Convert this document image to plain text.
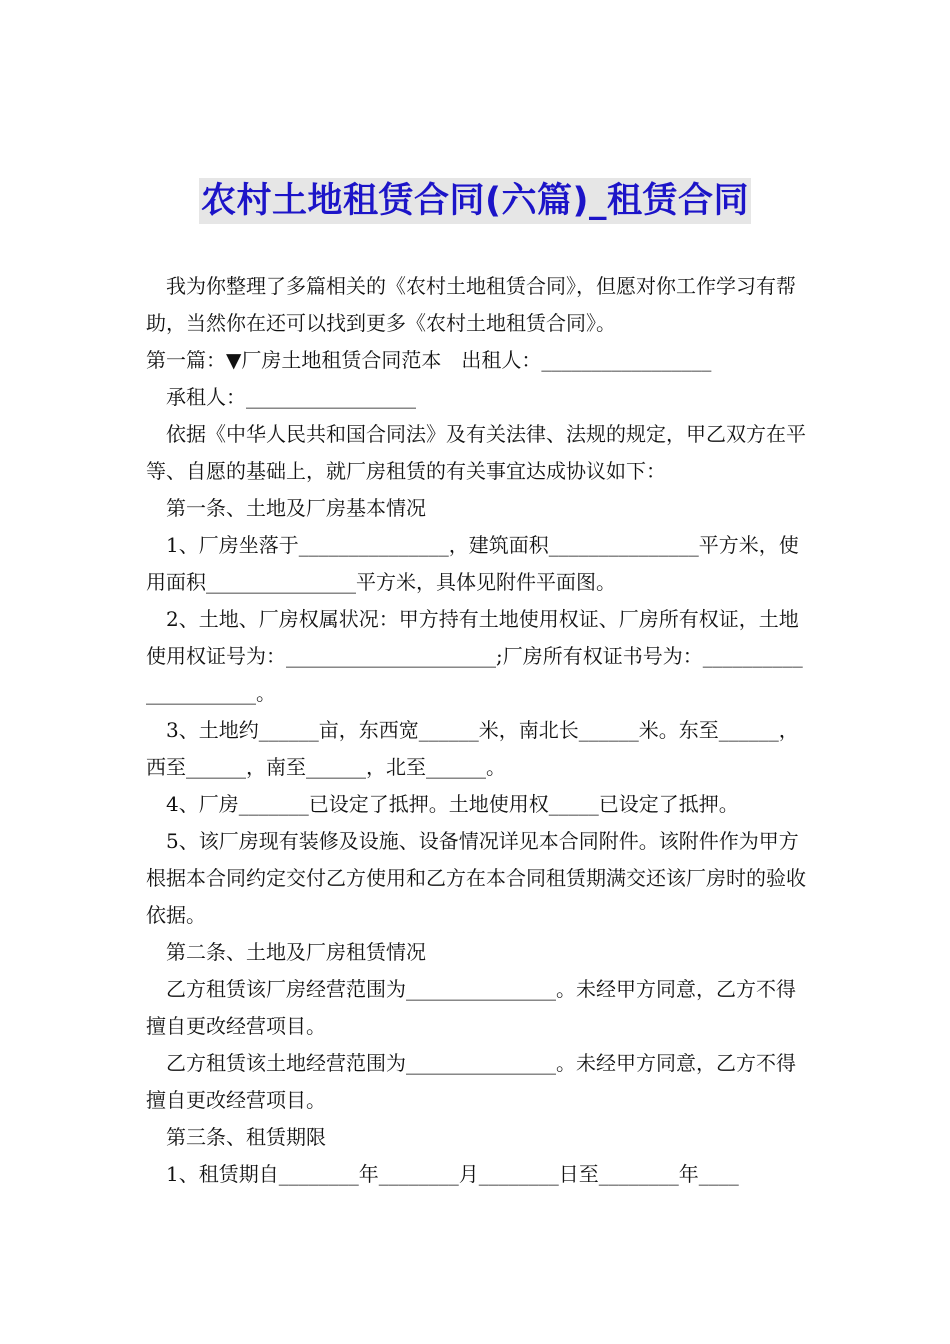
农村土地租赁合同(六篇)_租赁合同

我为你整理了多篇相关的《农村土地租赁合同》，但愿对你工作学习有帮助，当然你在还可以找到更多《农村土地租赁合同》。

第一篇：▼厂房土地租赁合同范本　出租人：_________________

承租人：_________________

依据《中华人民共和国合同法》及有关法律、法规的规定，甲乙双方在平等、自愿的基础上，就厂房租赁的有关事宜达成协议如下：

第一条、土地及厂房基本情况

1、厂房坐落于_______________，建筑面积_______________平方米，使用面积_______________平方米，具体见附件平面图。

2、土地、厂房权属状况：甲方持有土地使用权证、厂房所有权证，土地使用权证号为：_____________________;厂房所有权证书号为：_____________________。

3、土地约______亩，东西宽______米，南北长______米。东至______，西至______，南至______，北至______。

4、厂房_______已设定了抵押。土地使用权_____已设定了抵押。

5、该厂房现有装修及设施、设备情况详见本合同附件。该附件作为甲方根据本合同约定交付乙方使用和乙方在本合同租赁期满交还该厂房时的验收依据。

第二条、土地及厂房租赁情况

乙方租赁该厂房经营范围为_______________。未经甲方同意，乙方不得擅自更改经营项目。

乙方租赁该土地经营范围为_______________。未经甲方同意，乙方不得擅自更改经营项目。

第三条、租赁期限

1、租赁期自________年________月________日至________年____
